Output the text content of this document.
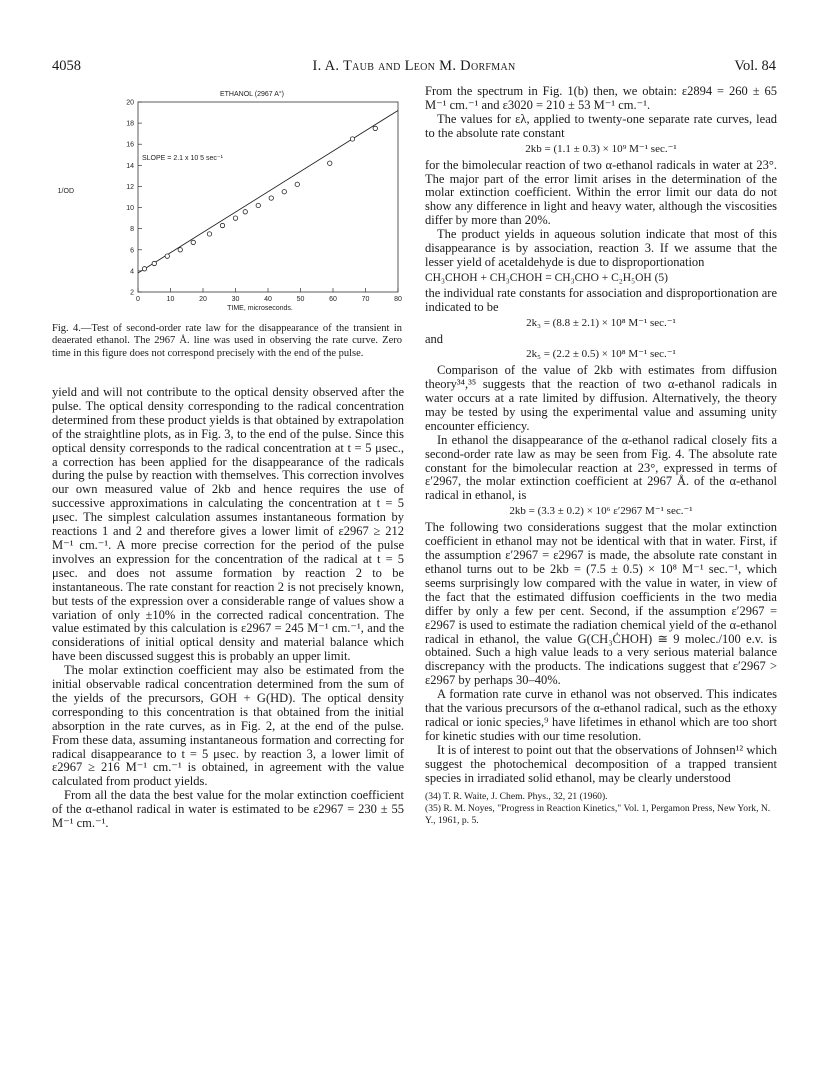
4058	I. A. Taub and Leon M. Dorfman	Vol. 84
ETHANOL (2967 A°)
0	10	20	30	40	50	60	70	80
2
4
6
8
10
12
14
16
18
20
1/OD
SLOPE = 2.1 x 10 5 sec⁻¹
TIME, microseconds.
Fig. 4.—Test of second-order rate law for the disappearance of the transient in deaerated ethanol. The 2967 Å. line was used in observing the rate curve. Zero time in this figure does not correspond precisely with the end of the pulse.

yield and will not contribute to the optical density observed after the pulse. The optical density corresponding to the radical concentration determined from these product yields is that obtained by extrapolation of the straightline plots, as in Fig. 3, to the end of the pulse. Since this optical density corresponds to the radical concentration at t = 5 μsec., a correction has been applied for the disappearance of the radicals during the pulse by reaction with themselves. This correction involves our own measured value of 2kb and hence requires the use of successive approximations in calculating the concentration at t = 5 μsec. The simplest calculation assumes instantaneous formation by reactions 1 and 2 and therefore gives a lower limit of ε2967 ≥ 212 M⁻¹ cm.⁻¹. A more precise correction for the period of the pulse involves an expression for the concentration of the radical at t = 5 μsec. and does not assume formation by reaction 2 to be instantaneous. The rate constant for reaction 2 is not precisely known, but tests of the expression over a considerable range of values show a variation of only ±10% in the corrected radical concentration. The value estimated by this calculation is ε2967 = 245 M⁻¹ cm.⁻¹, and the considerations of initial optical density and material balance which have been discussed suggest this is probably an upper limit.

The molar extinction coefficient may also be estimated from the initial observable radical concentration determined from the sum of the yields of the precursors, GOH + G(HD). The optical density corresponding to this concentration is that obtained from the initial absorption in the rate curves, as in Fig. 2, at the end of the pulse. From these data, assuming instantaneous formation and correcting for radical disappearance to t = 5 μsec. by reaction 3, a lower limit of ε2967 ≥ 216 M⁻¹ cm.⁻¹ is obtained, in agreement with the value calculated from product yields.

From all the data the best value for the molar extinction coefficient of the α-ethanol radical in water is estimated to be ε2967 = 230 ± 55 M⁻¹ cm.⁻¹.

From the spectrum in Fig. 1(b) then, we obtain: ε2894 = 260 ± 65 M⁻¹ cm.⁻¹ and ε3020 = 210 ± 53 M⁻¹ cm.⁻¹.

The values for ελ, applied to twenty-one separate rate curves, lead to the absolute rate constant

2kb = (1.1 ± 0.3) × 10⁹ M⁻¹ sec.⁻¹

for the bimolecular reaction of two α-ethanol radicals in water at 23°. The major part of the error limit arises in the determination of the molar extinction coefficient. Within the error limit our data do not show any difference in light and heavy water, although the viscosities differ by more than 20%.

The product yields in aqueous solution indicate that most of this disappearance is by association, reaction 3. If we assume that the lesser yield of acetaldehyde is due to disproportionation

CH₃CHOH + CH₃CHOH = CH₃CHO + C₂H₅OH (5)

the individual rate constants for association and disproportionation are indicated to be

2k₃ = (8.8 ± 2.1) × 10⁸ M⁻¹ sec.⁻¹
and
2k₅ = (2.2 ± 0.5) × 10⁸ M⁻¹ sec.⁻¹

Comparison of the value of 2kb with estimates from diffusion theory³⁴,³⁵ suggests that the reaction of two α-ethanol radicals in water occurs at a rate limited by diffusion. Alternatively, the theory may be tested by using the experimental value and assuming unity encounter efficiency.

In ethanol the disappearance of the α-ethanol radical closely fits a second-order rate law as may be seen from Fig. 4. The absolute rate constant for the bimolecular reaction at 23°, expressed in terms of ε′2967, the molar extinction coefficient at 2967 Å. of the α-ethanol radical in ethanol, is

2kb = (3.3 ± 0.2) × 10⁶ ε′2967 M⁻¹ sec.⁻¹

The following two considerations suggest that the molar extinction coefficient in ethanol may not be identical with that in water. First, if the assumption ε′2967 = ε2967 is made, the absolute rate constant in ethanol turns out to be 2kb = (7.5 ± 0.5) × 10⁸ M⁻¹ sec.⁻¹, which seems surprisingly low compared with the value in water, in view of the fact that the estimated diffusion coefficients in the two media differ by only a few per cent. Second, if the assumption ε′2967 = ε2967 is used to estimate the radiation chemical yield of the α-ethanol radical in ethanol, the value G(CH₃ĊHOH) ≅ 9 molec./100 e.v. is obtained. Such a high value leads to a very serious material balance discrepancy with the products. The indications suggest that ε′2967 > ε2967 by perhaps 30–40%.

A formation rate curve in ethanol was not observed. This indicates that the various precursors of the α-ethanol radical, such as the ethoxy radical or ionic species,⁹ have lifetimes in ethanol which are too short for kinetic studies with our time resolution.

It is of interest to point out that the observations of Johnsen¹² which suggest the photochemical decomposition of a trapped transient species in irradiated solid ethanol, may be clearly understood

(34) T. R. Waite, J. Chem. Phys., 32, 21 (1960).
(35) R. M. Noyes, "Progress in Reaction Kinetics," Vol. 1, Pergamon Press, New York, N. Y., 1961, p. 5.
